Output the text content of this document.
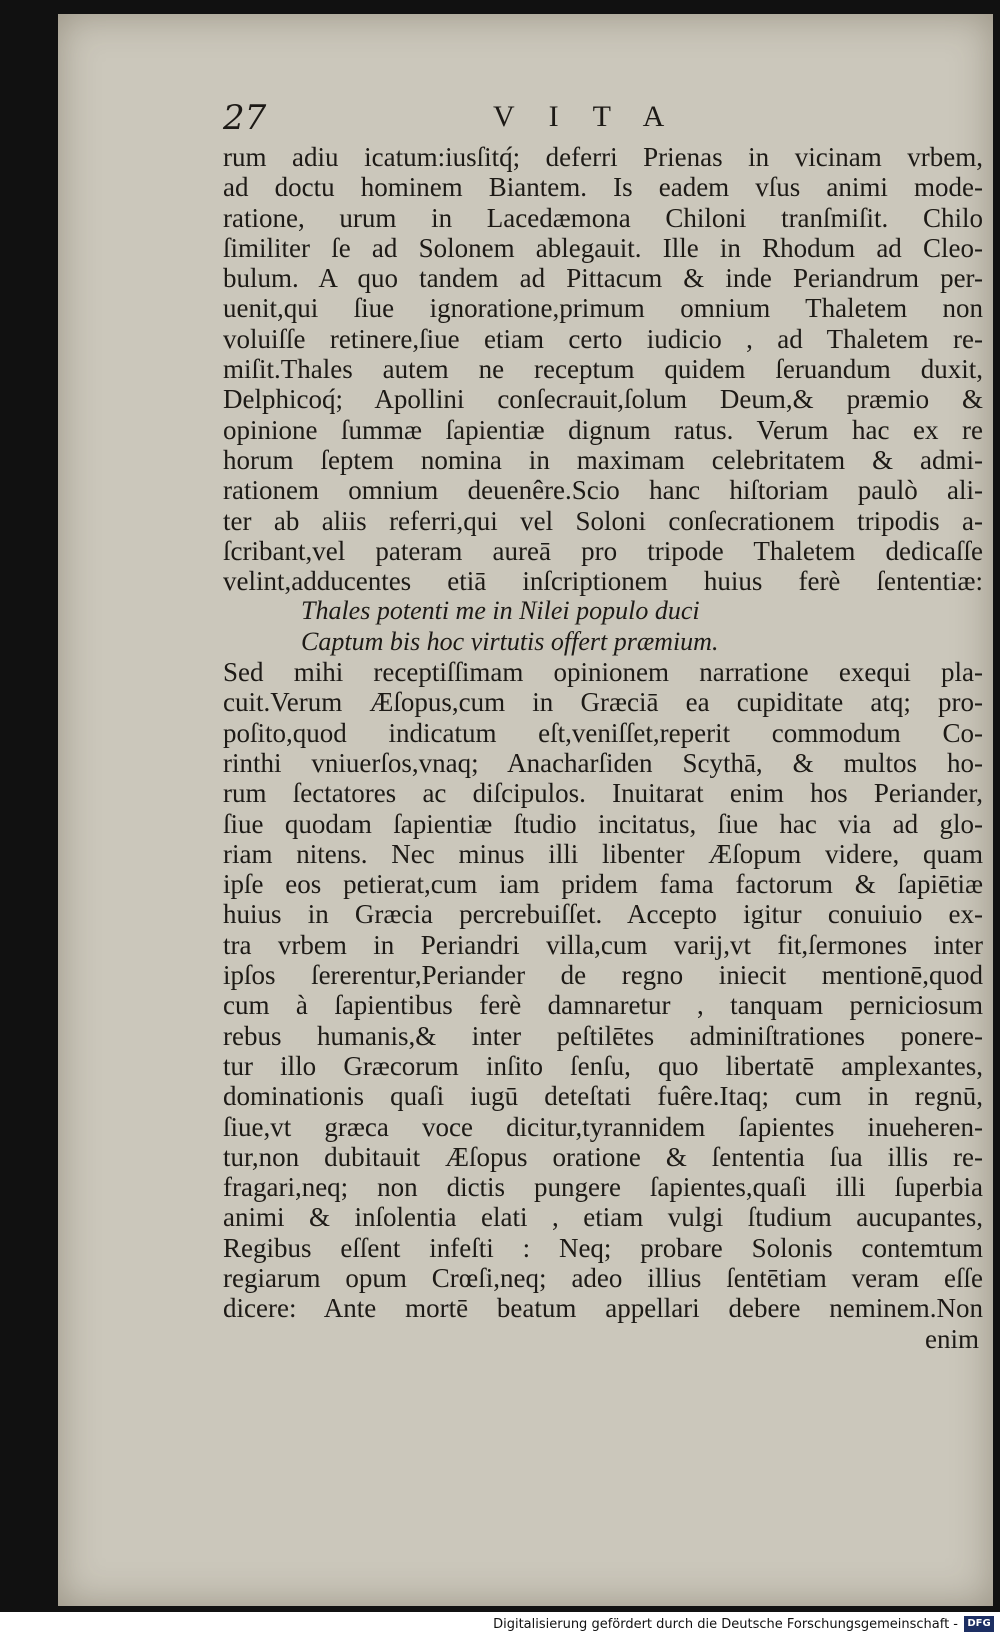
27	VITA
rum adiu icatum:iusſitq́; deferri Prienas in vicinam vrbem,
ad doctu hominem Biantem. Is eadem vſus animi mode-
ratione, urum in Lacedæmona Chiloni tranſmiſit. Chilo
ſimiliter ſe ad Solonem ablegauit. Ille in Rhodum ad Cleo-
bulum. A quo tandem ad Pittacum & inde Periandrum per-
uenit,qui ſiue ignoratione,primum omnium Thaletem non
voluiſſe retinere,ſiue etiam certo iudicio , ad Thaletem re-
miſit.Thales autem ne receptum quidem ſeruandum duxit,
Delphicoq́; Apollini conſecrauit,ſolum Deum,& præmio &
opinione ſummæ ſapientiæ dignum ratus. Verum hac ex re
horum ſeptem nomina in maximam celebritatem & admi-
rationem omnium deuenêre.Scio hanc hiſtoriam paulò ali-
ter ab aliis referri,qui vel Soloni conſecrationem tripodis a-
ſcribant,vel pateram aureā pro tripode Thaletem dedicaſſe
velint,adducentes etiā inſcriptionem huius ferè ſententiæ:
Thales potenti me in Nilei populo duci
Captum bis hoc virtutis offert præmium.
Sed mihi receptiſſimam opinionem narratione exequi pla-
cuit.Verum Æſopus,cum in Græciā ea cupiditate atq; pro-
poſito,quod indicatum eſt,veniſſet,reperit commodum Co-
rinthi vniuerſos,vnaq; Anacharſiden Scythā, & multos ho-
rum ſectatores ac diſcipulos. Inuitarat enim hos Periander,
ſiue quodam ſapientiæ ſtudio incitatus, ſiue hac via ad glo-
riam nitens. Nec minus illi libenter Æſopum videre, quam
ipſe eos petierat,cum iam pridem fama factorum & ſapiētiæ
huius in Græcia percrebuiſſet. Accepto igitur conuiuio ex-
tra vrbem in Periandri villa,cum varij,vt fit,ſermones inter
ipſos ſererentur,Periander de regno iniecit mentionē,quod
cum à ſapientibus ferè damnaretur , tanquam perniciosum
rebus humanis,& inter peſtilētes adminiſtrationes ponere-
tur illo Græcorum inſito ſenſu, quo libertatē amplexantes,
dominationis quaſi iugū deteſtati fuêre.Itaq; cum in regnū,
ſiue,vt græca voce dicitur,tyrannidem ſapientes inueheren-
tur,non dubitauit Æſopus oratione & ſententia ſua illis re-
fragari,neq; non dictis pungere ſapientes,quaſi illi ſuperbia
animi & inſolentia elati , etiam vulgi ſtudium aucupantes,
Regibus eſſent infeſti : Neq; probare Solonis contemtum
regiarum opum Crœſi,neq; adeo illius ſentētiam veram eſſe
dicere: Ante mortē beatum appellari debere neminem.Non
enim
Digitalisierung gefördert durch die Deutsche Forschungsgemeinschaft - DFG
